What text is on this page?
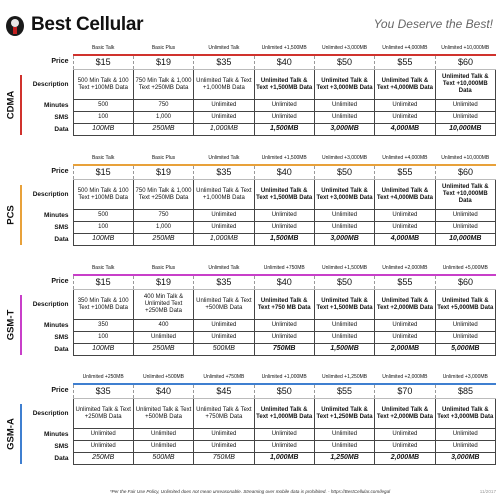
Best Cellular	You Deserve the Best!
CDMA
	Basic Talk	Basic Plus	Unlimited Talk	Unlimited +1,500MB	Unlimited +3,000MB	Unlimited +4,000MB	Unlimited +10,000MB
Price	$15	$19	$35	$40	$50	$55	$60
Description	500 Min Talk & 100 Text +100MB Data	750 Min Talk & 1,000 Text +250MB Data	Unlimited Talk & Text +1,000MB Data	Unlimited Talk & Text +1,500MB Data	Unlimited Talk & Text +3,000MB Data	Unlimited Talk & Text +4,000MB Data	Unlimited Talk & Text +10,000MB Data
Minutes	500	750	Unlimited	Unlimited	Unlimited	Unlimited	Unlimited
SMS	100	1,000	Unlimited	Unlimited	Unlimited	Unlimited	Unlimited
Data	100MB	250MB	1,000MB	1,500MB	3,000MB	4,000MB	10,000MB
PCS
	Basic Talk	Basic Plus	Unlimited Talk	Unlimited +1,500MB	Unlimited +3,000MB	Unlimited +4,000MB	Unlimited +10,000MB
Price	$15	$19	$35	$40	$50	$55	$60
Description	500 Min Talk & 100 Text +100MB Data	750 Min Talk & 1,000 Text +250MB Data	Unlimited Talk & Text +1,000MB Data	Unlimited Talk & Text +1,500MB Data	Unlimited Talk & Text +3,000MB Data	Unlimited Talk & Text +4,000MB Data	Unlimited Talk & Text +10,000MB Data
Minutes	500	750	Unlimited	Unlimited	Unlimited	Unlimited	Unlimited
SMS	100	1,000	Unlimited	Unlimited	Unlimited	Unlimited	Unlimited
Data	100MB	250MB	1,000MB	1,500MB	3,000MB	4,000MB	10,000MB
GSM-T
	Basic Talk	Basic Plus	Unlimited Talk	Unlimited +750MB	Unlimited +1,500MB	Unlimited +2,000MB	Unlimited +5,000MB
Price	$15	$19	$35	$40	$50	$55	$60
Description	350 Min Talk & 100 Text +100MB Data	400 Min Talk & Unlimited Text +250MB Data	Unlimited Talk & Text +500MB Data	Unlimited Talk & Text +750 MB Data	Unlimited Talk & Text +1,500MB Data	Unlimited Talk & Text +2,000MB Data	Unlimited Talk & Text +5,000MB Data
Minutes	350	400	Unlimited	Unlimited	Unlimited	Unlimited	Unlimited
SMS	100	Unlimited	Unlimited	Unlimited	Unlimited	Unlimited	Unlimited
Data	100MB	250MB	500MB	750MB	1,500MB	2,000MB	5,000MB
GSM-A
	Unlimited +250MB	Unlimited +500MB	Unlimited +750MB	Unlimited +1,000MB	Unlimited +1,250MB	Unlimited +2,000MB	Unlimited +3,000MB
Price	$35	$40	$45	$50	$55	$70	$85
Description	Unlimited Talk & Text +250MB Data	Unlimited Talk & Text +500MB Data	Unlimited Talk & Text +750MB Data	Unlimited Talk & Text +1,000MB Data	Unlimited Talk & Text +1,250MB Data	Unlimited Talk & Text +2,000MB Data	Unlimited Talk & Text +3,000MB Data
Minutes	Unlimited	Unlimited	Unlimited	Unlimited	Unlimited	Unlimited	Unlimited
SMS	Unlimited	Unlimited	Unlimited	Unlimited	Unlimited	Unlimited	Unlimited
Data	250MB	500MB	750MB	1,000MB	1,250MB	2,000MB	3,000MB
*Per the Fair Use Policy, Unlimited does not mean unreasonable. Streaming over mobile data is prohibited. - https://BestCellular.com/legal	11/2017
